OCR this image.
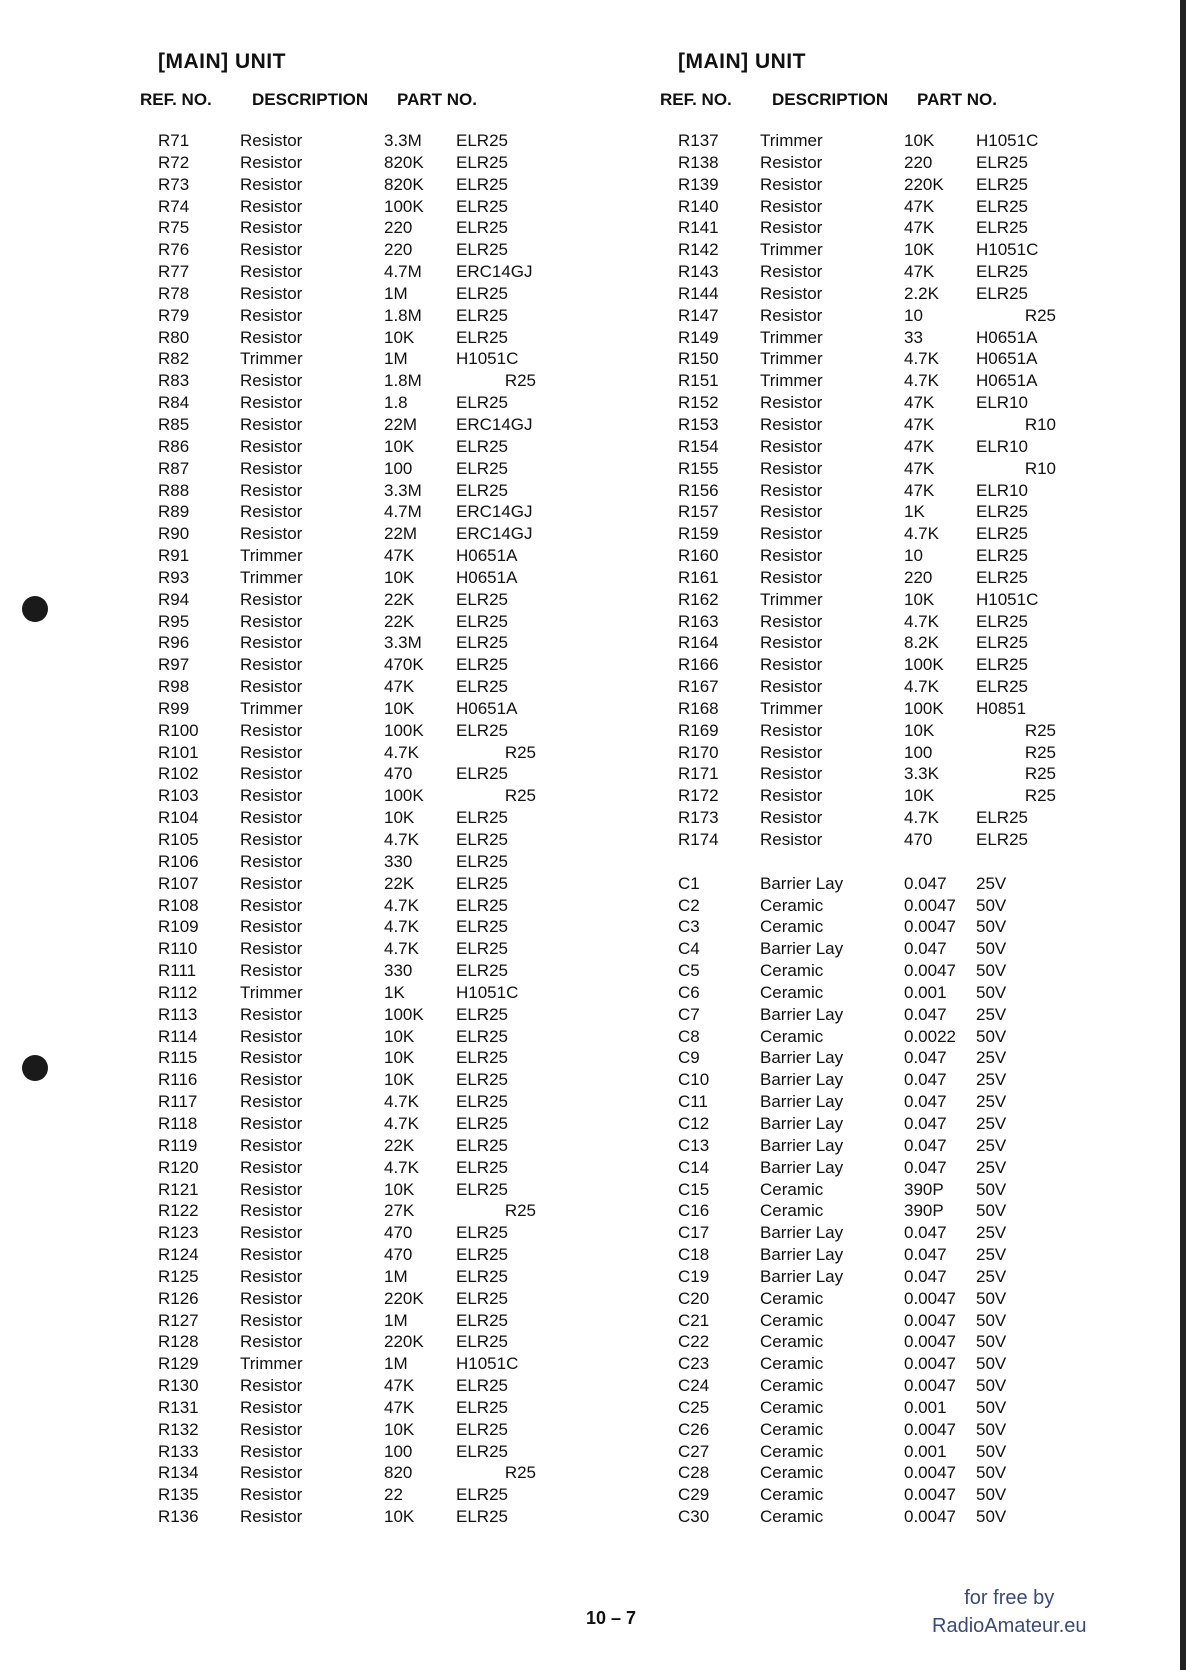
[MAIN] UNIT
REF. NO.	DESCRIPTION	PART NO.
R71	Resistor	3.3M	ELR25
R72	Resistor	820K	ELR25
R73	Resistor	820K	ELR25
R74	Resistor	100K	ELR25
R75	Resistor	220	ELR25
R76	Resistor	220	ELR25
R77	Resistor	4.7M	ERC14GJ
R78	Resistor	1M	ELR25
R79	Resistor	1.8M	ELR25
R80	Resistor	10K	ELR25
R82	Trimmer	1M	H1051C
R83	Resistor	1.8M	R25
R84	Resistor	1.8	ELR25
R85	Resistor	22M	ERC14GJ
R86	Resistor	10K	ELR25
R87	Resistor	100	ELR25
R88	Resistor	3.3M	ELR25
R89	Resistor	4.7M	ERC14GJ
R90	Resistor	22M	ERC14GJ
R91	Trimmer	47K	H0651A
R93	Trimmer	10K	H0651A
R94	Resistor	22K	ELR25
R95	Resistor	22K	ELR25
R96	Resistor	3.3M	ELR25
R97	Resistor	470K	ELR25
R98	Resistor	47K	ELR25
R99	Trimmer	10K	H0651A
R100	Resistor	100K	ELR25
R101	Resistor	4.7K	R25
R102	Resistor	470	ELR25
R103	Resistor	100K	R25
R104	Resistor	10K	ELR25
R105	Resistor	4.7K	ELR25
R106	Resistor	330	ELR25
R107	Resistor	22K	ELR25
R108	Resistor	4.7K	ELR25
R109	Resistor	4.7K	ELR25
R110	Resistor	4.7K	ELR25
R111	Resistor	330	ELR25
R112	Trimmer	1K	H1051C
R113	Resistor	100K	ELR25
R114	Resistor	10K	ELR25
R115	Resistor	10K	ELR25
R116	Resistor	10K	ELR25
R117	Resistor	4.7K	ELR25
R118	Resistor	4.7K	ELR25
R119	Resistor	22K	ELR25
R120	Resistor	4.7K	ELR25
R121	Resistor	10K	ELR25
R122	Resistor	27K	R25
R123	Resistor	470	ELR25
R124	Resistor	470	ELR25
R125	Resistor	1M	ELR25
R126	Resistor	220K	ELR25
R127	Resistor	1M	ELR25
R128	Resistor	220K	ELR25
R129	Trimmer	1M	H1051C
R130	Resistor	47K	ELR25
R131	Resistor	47K	ELR25
R132	Resistor	10K	ELR25
R133	Resistor	100	ELR25
R134	Resistor	820	R25
R135	Resistor	22	ELR25
R136	Resistor	10K	ELR25
[MAIN] UNIT
REF. NO.	DESCRIPTION	PART NO.
R137	Trimmer	10K	H1051C
R138	Resistor	220	ELR25
R139	Resistor	220K	ELR25
R140	Resistor	47K	ELR25
R141	Resistor	47K	ELR25
R142	Trimmer	10K	H1051C
R143	Resistor	47K	ELR25
R144	Resistor	2.2K	ELR25
R147	Resistor	10	R25
R149	Trimmer	33	H0651A
R150	Trimmer	4.7K	H0651A
R151	Trimmer	4.7K	H0651A
R152	Resistor	47K	ELR10
R153	Resistor	47K	R10
R154	Resistor	47K	ELR10
R155	Resistor	47K	R10
R156	Resistor	47K	ELR10
R157	Resistor	1K	ELR25
R159	Resistor	4.7K	ELR25
R160	Resistor	10	ELR25
R161	Resistor	220	ELR25
R162	Trimmer	10K	H1051C
R163	Resistor	4.7K	ELR25
R164	Resistor	8.2K	ELR25
R166	Resistor	100K	ELR25
R167	Resistor	4.7K	ELR25
R168	Trimmer	100K	H0851
R169	Resistor	10K	R25
R170	Resistor	100	R25
R171	Resistor	3.3K	R25
R172	Resistor	10K	R25
R173	Resistor	4.7K	ELR25
R174	Resistor	470	ELR25
C1	Barrier Lay	0.047	25V
C2	Ceramic	0.0047	50V
C3	Ceramic	0.0047	50V
C4	Barrier Lay	0.047	50V
C5	Ceramic	0.0047	50V
C6	Ceramic	0.001	50V
C7	Barrier Lay	0.047	25V
C8	Ceramic	0.0022	50V
C9	Barrier Lay	0.047	25V
C10	Barrier Lay	0.047	25V
C11	Barrier Lay	0.047	25V
C12	Barrier Lay	0.047	25V
C13	Barrier Lay	0.047	25V
C14	Barrier Lay	0.047	25V
C15	Ceramic	390P	50V
C16	Ceramic	390P	50V
C17	Barrier Lay	0.047	25V
C18	Barrier Lay	0.047	25V
C19	Barrier Lay	0.047	25V
C20	Ceramic	0.0047	50V
C21	Ceramic	0.0047	50V
C22	Ceramic	0.0047	50V
C23	Ceramic	0.0047	50V
C24	Ceramic	0.0047	50V
C25	Ceramic	0.001	50V
C26	Ceramic	0.0047	50V
C27	Ceramic	0.001	50V
C28	Ceramic	0.0047	50V
C29	Ceramic	0.0047	50V
C30	Ceramic	0.0047	50V
10 – 7
for free by
RadioAmateur.eu
